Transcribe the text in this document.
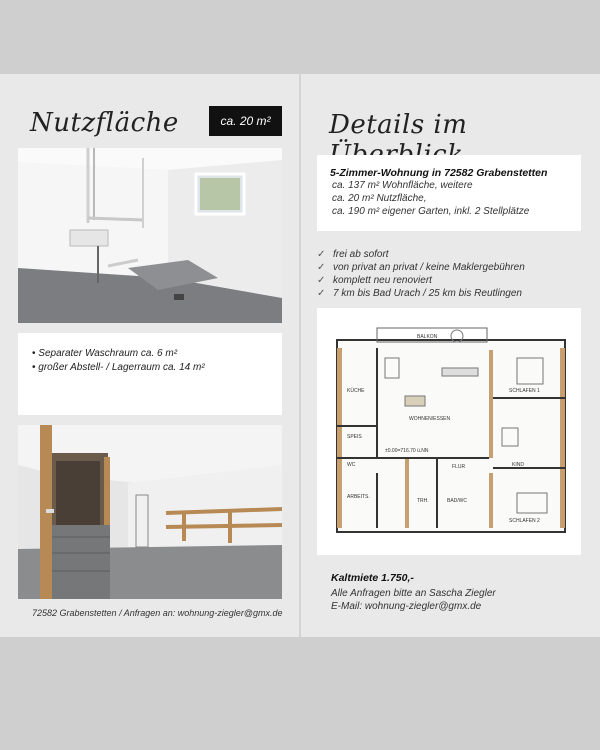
Nutzfläche	ca. 20 m²
• Separater Waschraum ca. 6 m²
• großer Abstell- / Lagerraum ca. 14 m²
72582 Grabenstetten / Anfragen an: wohnung-ziegler@gmx.de
Details im
5-Zimmer-Wohnung in 72582 Grabenstetten
ca. 137 m² Wohnfläche, weitere
ca. 20 m² Nutzfläche,
ca. 190 m² eigener Garten, inkl. 2 Stellplätze
✓ frei ab sofort
✓ von privat an privat / keine Maklergebühren
✓ komplett neu renoviert
✓ 7 km bis Bad Urach / 25 km bis Reutlingen
BALKON
KÜCHE
WOHNEN/ESSEN
SCHLAFEN 1
SPEIS
WC	FLUR	KIND
ARBEITS.
TRH.	BAD/WC
SCHLAFEN 2
±0.00=716.70 ü.NN
Kaltmiete 1.750,-
Alle Anfragen bitte an Sascha Ziegler
E-Mail: wohnung-ziegler@gmx.de
